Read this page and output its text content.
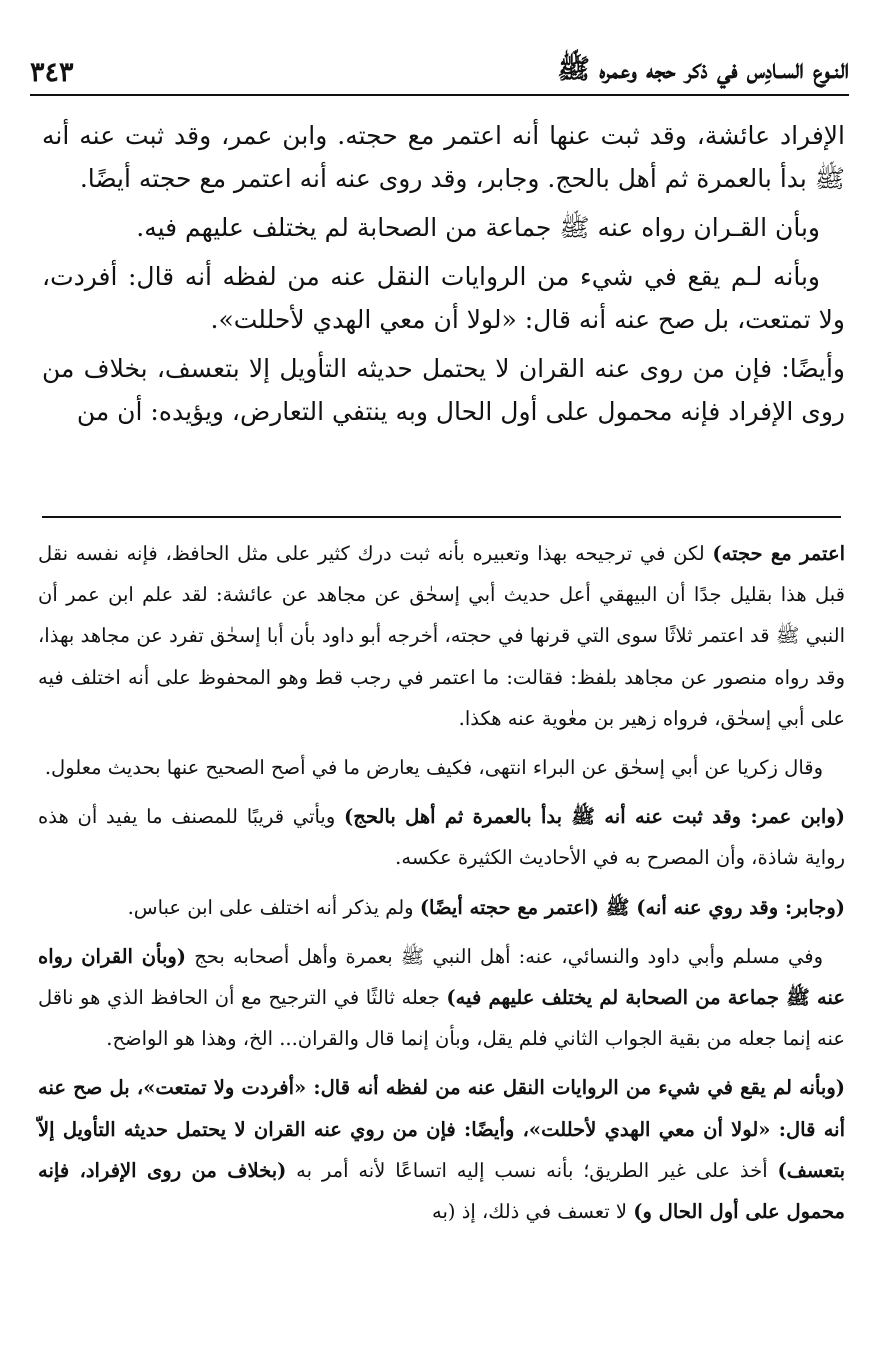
النـوع السـادِس في ذكر حجه وعمره ﷺ
٣٤٣

الإفراد عائشة، وقد ثبت عنها أنه اعتمر مع حجته. وابن عمر، وقد ثبت عنه أنه ﷺ بدأ بالعمرة ثم أهل بالحج. وجابر، وقد روى عنه أنه اعتمر مع حجته أيضًا.

وبأن القـران رواه عنه ﷺ جماعة من الصحابة لم يختلف عليهم فيه.

وبأنه لـم يقع في شيء من الروايات النقل عنه من لفظه أنه قال: أفردت، ولا تمتعت، بل صح عنه أنه قال: «لولا أن معي الهدي لأحللت».

وأيضًا: فإن من روى عنه القران لا يحتمل حديثه التأويل إلا بتعسف، بخلاف من روى الإفراد فإنه محمول على أول الحال وبه ينتفي التعارض، ويؤيده: أن من

اعتمر مع حجته) لكن في ترجيحه بهذا وتعبيره بأنه ثبت درك كثير على مثل الحافظ، فإنه نفسه نقل قبل هذا بقليل جدًا أن البيهقي أعل حديث أبي إسحٰق عن مجاهد عن عائشة: لقد علم ابن عمر أن النبي ﷺ قد اعتمر ثلاثًا سوى التي قرنها في حجته، أخرجه أبو داود بأن أبا إسحٰق تفرد عن مجاهد بهذا، وقد رواه منصور عن مجاهد بلفظ: فقالت: ما اعتمر في رجب قط وهو المحفوظ على أنه اختلف فيه على أبي إسحٰق، فرواه زهير بن معٰوية عنه هكذا.

وقال زكريا عن أبي إسحٰق عن البراء انتهى، فكيف يعارض ما في أصح الصحيح عنها بحديث معلول.

(وابن عمر: وقد ثبت عنه أنه ﷺ بدأ بالعمرة ثم أهل بالحج) ويأتي قريبًا للمصنف ما يفيد أن هذه رواية شاذة، وأن المصرح به في الأحاديث الكثيرة عكسه.

(وجابر: وقد روي عنه أنه) ﷺ (اعتمر مع حجته أيضًا) ولم يذكر أنه اختلف على ابن عباس.

وفي مسلم وأبي داود والنسائي، عنه: أهل النبي ﷺ بعمرة وأهل أصحابه بحج (وبأن القران رواه عنه ﷺ جماعة من الصحابة لم يختلف عليهم فيه) جعله ثالثًا في الترجيح مع أن الحافظ الذي هو ناقل عنه إنما جعله من بقية الجواب الثاني فلم يقل، وبأن إنما قال والقران... الخ، وهذا هو الواضح.

(وبأنه لم يقع في شيء من الروايات النقل عنه من لفظه أنه قال: «أفردت ولا تمتعت»، بل صح عنه أنه قال: «لولا أن معي الهدي لأحللت»، وأيضًا: فإن من روي عنه القران لا يحتمل حديثه التأويل إلاّ بتعسف) أخذ على غير الطريق؛ بأنه نسب إليه اتساعًا لأنه أمر به (بخلاف من روى الإفراد، فإنه محمول على أول الحال و) لا تعسف في ذلك، إذ (به
